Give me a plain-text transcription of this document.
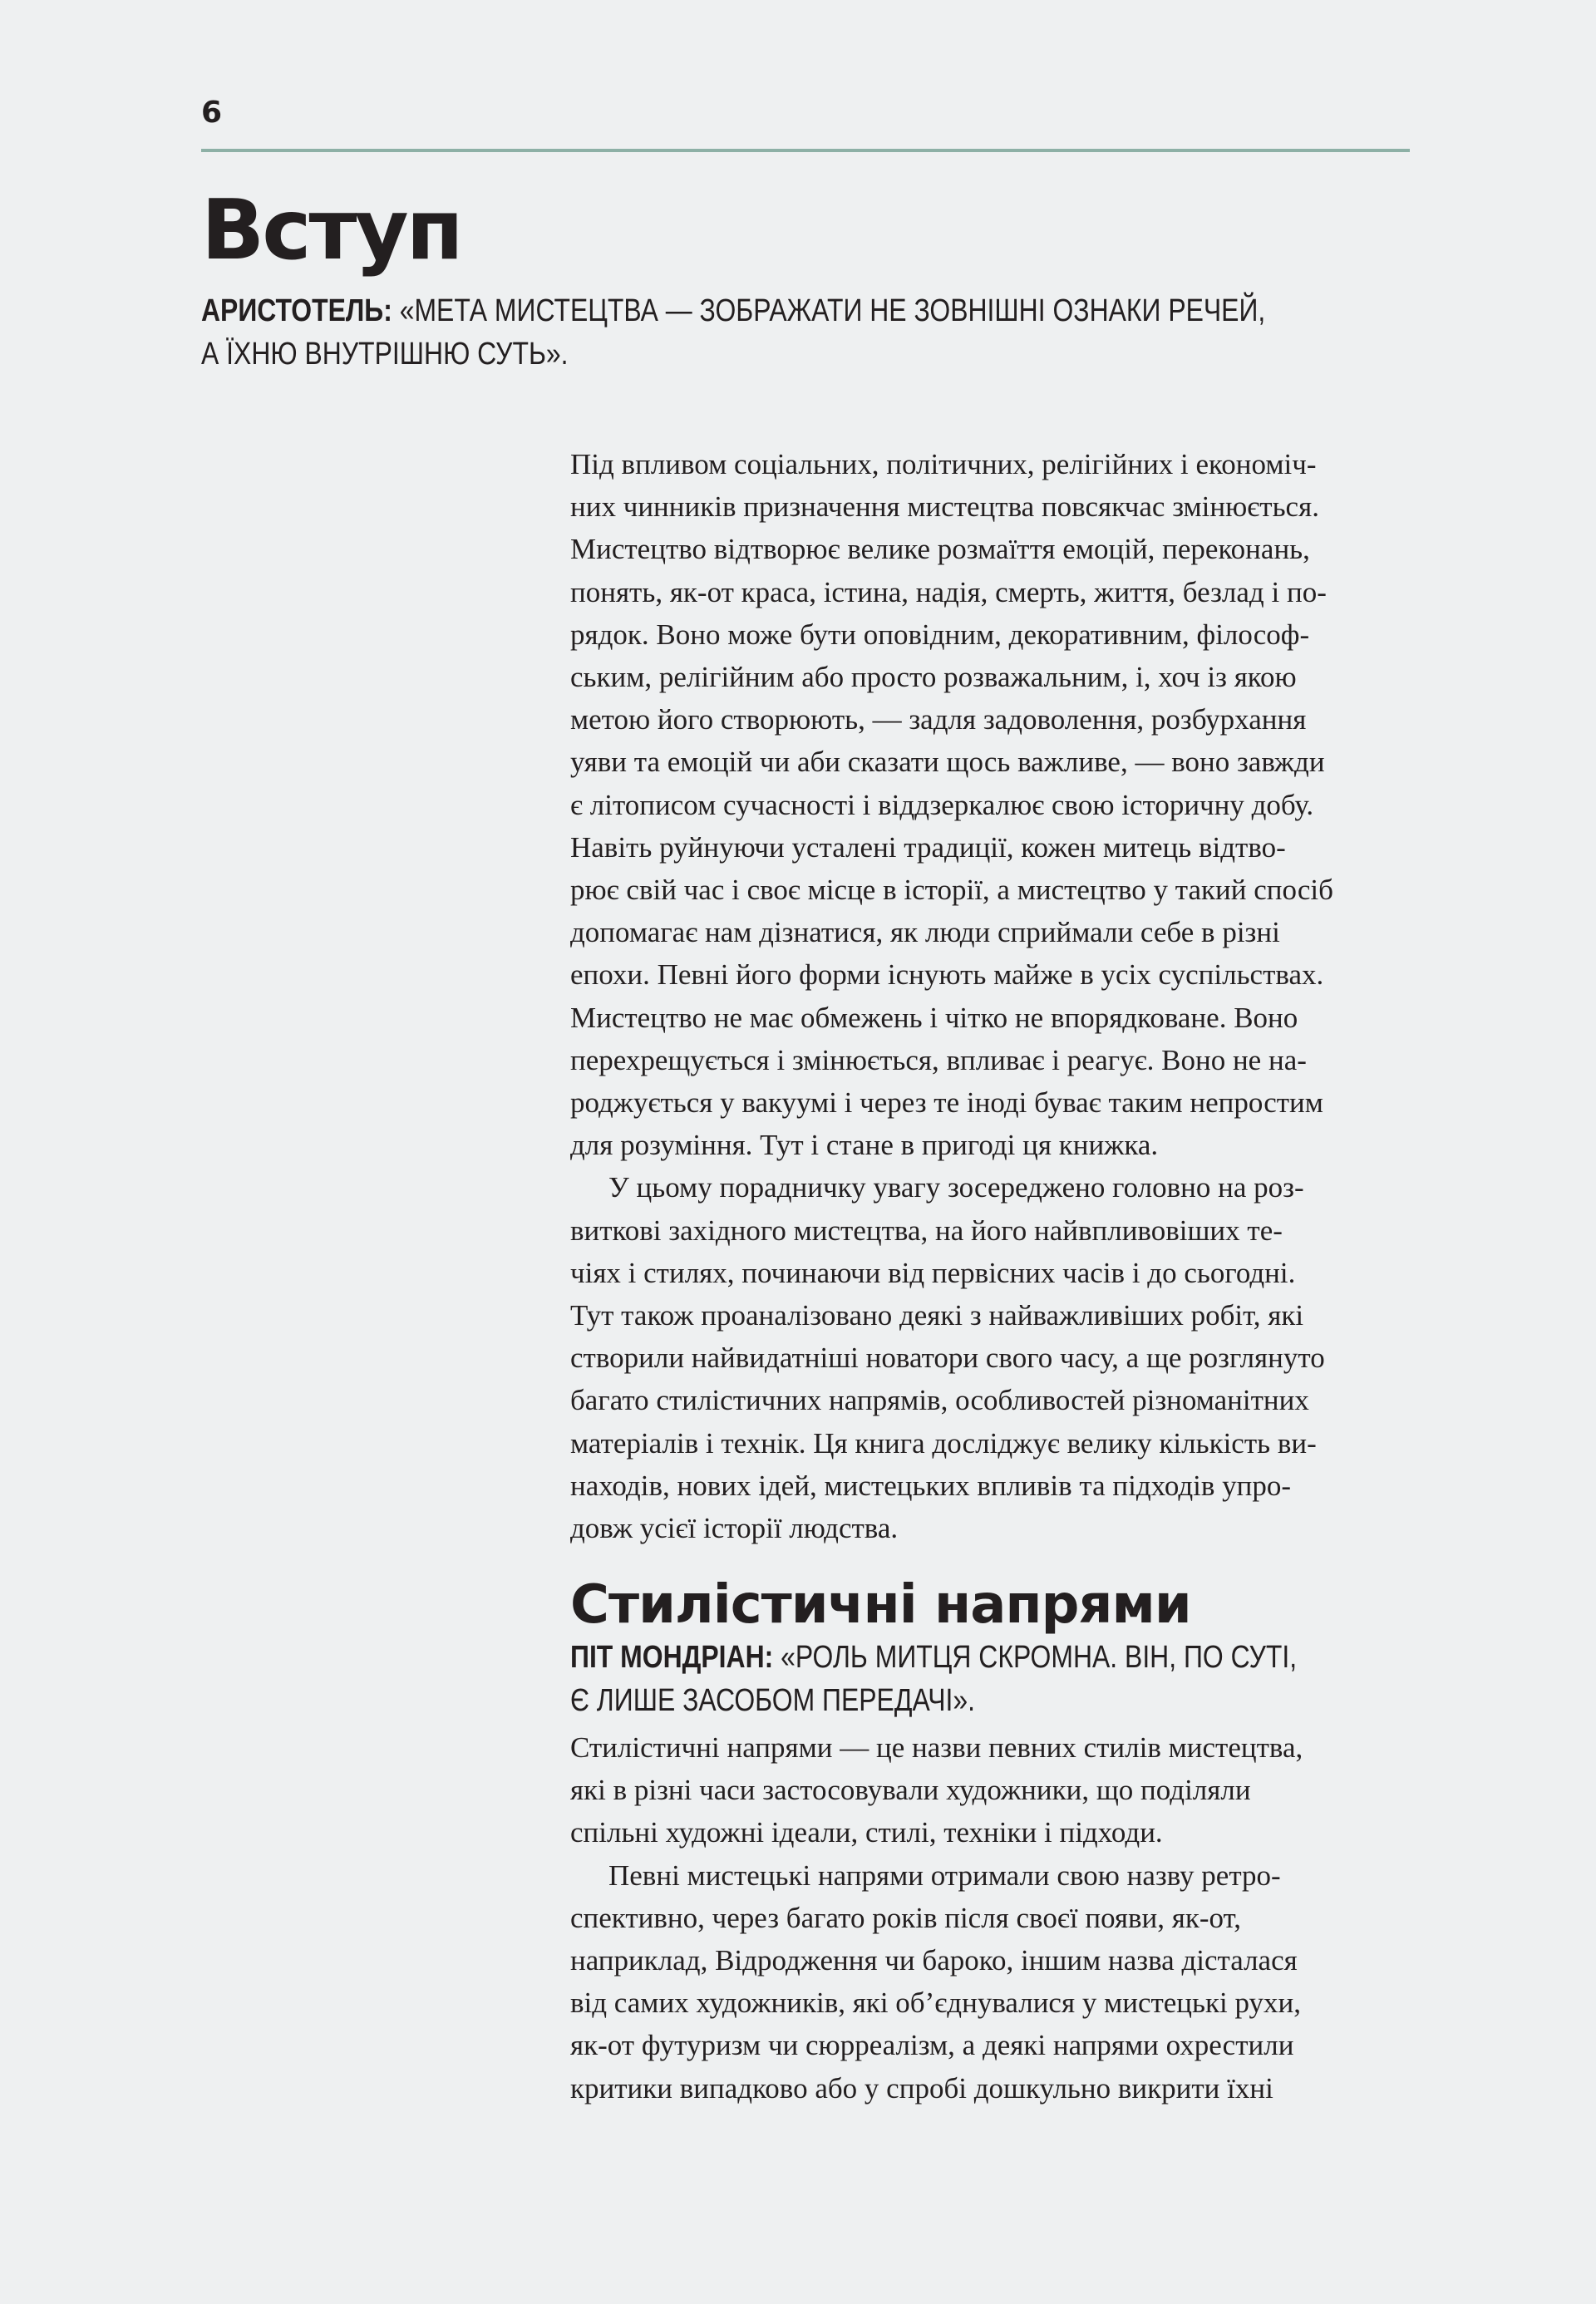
6
Вступ
АРИСТОТЕЛЬ: «МЕТА МИСТЕЦТВА — ЗОБРАЖАТИ НЕ ЗОВНІШНІ ОЗНАКИ РЕЧЕЙ,
А ЇХНЮ ВНУТРІШНЮ СУТЬ».
Під впливом соціальних, політичних, релігійних і економіч-
них чинників призначення мистецтва повсякчас змінюється.
Мистецтво відтворює велике розмаїття емоцій, переконань,
понять, як-от краса, істина, надія, смерть, життя, безлад і по-
рядок. Воно може бути оповідним, декоративним, філософ-
ським, релігійним або просто розважальним, і, хоч із якою
метою його створюють, — задля задоволення, розбурхання
уяви та емоцій чи аби сказати щось важливе, — воно завжди
є літописом сучасності і віддзеркалює свою історичну добу.
Навіть руйнуючи усталені традиції, кожен митець відтво-
рює свій час і своє місце в історії, а мистецтво у такий спосіб
допомагає нам дізнатися, як люди сприймали себе в різні
епохи. Певні його форми існують майже в усіх суспільствах.
Мистецтво не має обмежень і чітко не впорядковане. Воно
перехрещується і змінюється, впливає і реагує. Воно не на-
роджується у вакуумі і через те іноді буває таким непростим
для розуміння. Тут і стане в пригоді ця книжка.
У цьому порадничку увагу зосереджено головно на роз-
виткові західного мистецтва, на його найвпливовіших те-
чіях і стилях, починаючи від первісних часів і до сьогодні.
Тут також проаналізовано деякі з найважливіших робіт, які
створили найвидатніші новатори свого часу, а ще розглянуто
багато стилістичних напрямів, особливостей різноманітних
матеріалів і технік. Ця книга досліджує велику кількість ви-
находів, нових ідей, мистецьких впливів та підходів упро-
довж усієї історії людства.
Стилістичні напрями
ПІТ МОНДРІАН: «РОЛЬ МИТЦЯ СКРОМНА. ВІН, ПО СУТІ,
Є ЛИШЕ ЗАСОБОМ ПЕРЕДАЧІ».
Стилістичні напрями — це назви певних стилів мистецтва,
які в різні часи застосовували художники, що поділяли
спільні художні ідеали, стилі, техніки і підходи.
Певні мистецькі напрями отримали свою назву ретро-
спективно, через багато років після своєї появи, як-от,
наприклад, Відродження чи бароко, іншим назва дісталася
від самих художників, які об’єднувалися у мистецькі рухи,
як-от футуризм чи сюрреалізм, а деякі напрями охрестили
критики випадково або у спробі дошкульно викрити їхні
